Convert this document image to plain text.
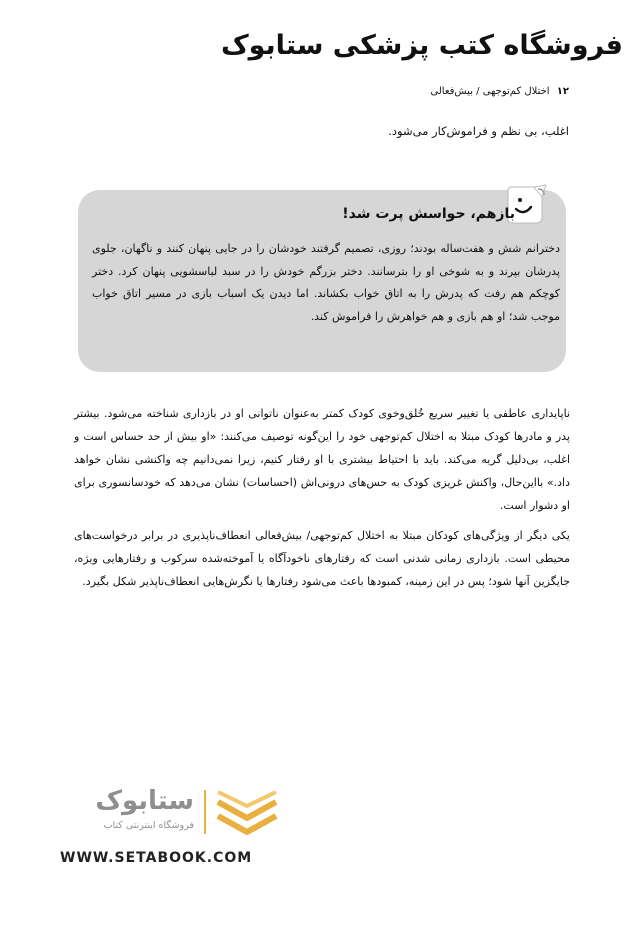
فروشگاه کتب پزشکی ستابوک
۱۲ اختلال کم‌توجهی / بیش‌فعالی
اغلب، بی نظم و فراموش‌کار می‌شود.
بازهم، حواسش پرت شد!
دخترانم شش و هفت‌ساله بودند؛ روزی، تصمیم گرفتند خودشان را در جایی پنهان کنند و ناگهان، جلوی پدرشان بپرند و به شوخی او را بترسانند. دختر بزرگم خودش را در سبد لباسشویی پنهان کرد. دختر کوچکم هم رفت که پدرش را به اتاق خواب بکشاند. اما دیدن یک اسباب بازی در مسیر اتاق خواب موجب شد؛ او هم بازی و هم خواهرش را فراموش کند.

ناپایداری عاطفی یا تغییر سریع خُلق‌وخوی کودک کمتر به‌عنوان ناتوانی او در بازداری شناخته می‌شود. بیشتر پدر و مادرها کودک مبتلا به اختلال کم‌توجهی خود را این‌گونه توصیف می‌کنند: «او بیش از حد حساس است و اغلب، بی‌دلیل گریه می‌کند. باید با احتیاط بیشتری با او رفتار کنیم، زیرا نمی‌دانیم چه واکنشی نشان خواهد داد.» بااین‌حال، واکنش غریزی کودک به حس‌های درونی‌اش (احساسات) نشان می‌دهد که خودسانسوری برای او دشوار است.

یکی دیگر از ویژگی‌های کودکان مبتلا به اختلال کم‌توجهی/ بیش‌فعالی انعطاف‌ناپذیری در برابر درخواست‌های محیطی است. بازداری زمانی شدنی است که رفتارهای ناخودآگاه یا آموخته‌شده سرکوب و رفتارهایی ویژه، جایگزین آنها شود؛ پس در این زمینه، کمبودها باعث می‌شود رفتارها یا نگرش‌هایی انعطاف‌ناپذیر شکل بگیرد.

ستابوک
فروشگاه اینترنتی کتاب
WWW.SETABOOK.COM
